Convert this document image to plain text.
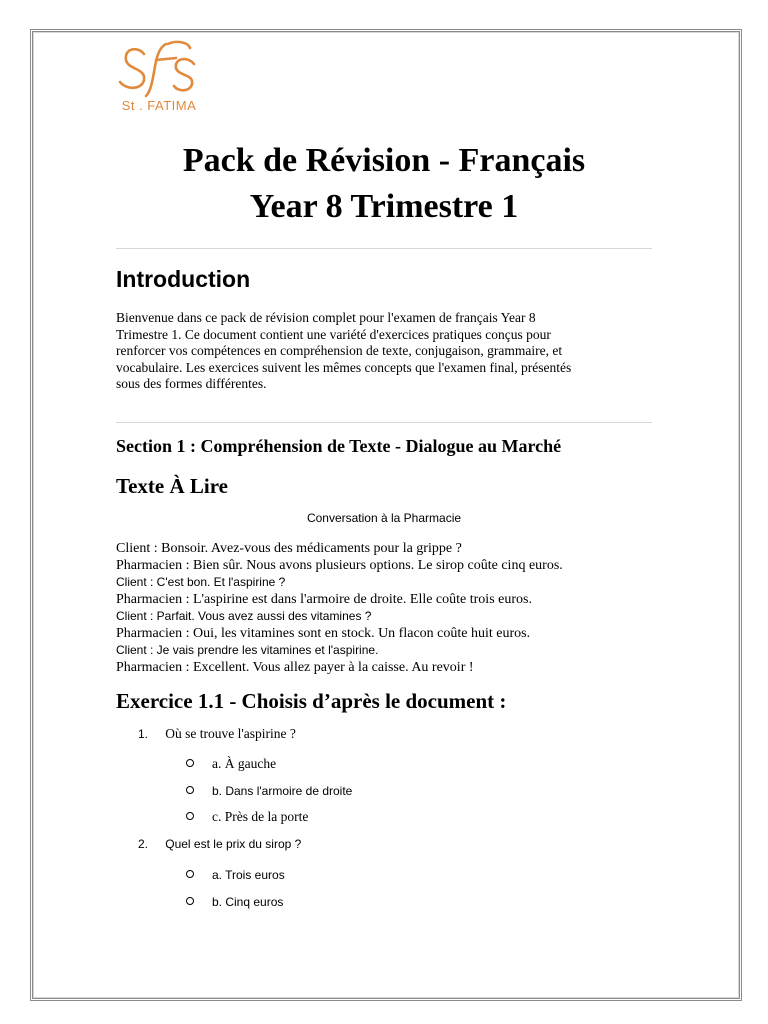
St . FATIMA
Pack de Révision - Français
Year 8 Trimestre 1
Introduction
Bienvenue dans ce pack de révision complet pour l'examen de français Year 8
Trimestre 1. Ce document contient une variété d'exercices pratiques conçus pour
renforcer vos compétences en compréhension de texte, conjugaison, grammaire, et
vocabulaire. Les exercices suivent les mêmes concepts que l'examen final, présentés
sous des formes différentes.
Section 1 : Compréhension de Texte - Dialogue au Marché
Texte À Lire
Conversation à la Pharmacie
Client : Bonsoir. Avez-vous des médicaments pour la grippe ?
Pharmacien : Bien sûr. Nous avons plusieurs options. Le sirop coûte cinq euros.
Client : C'est bon. Et l'aspirine ?
Pharmacien : L'aspirine est dans l'armoire de droite. Elle coûte trois euros.
Client : Parfait. Vous avez aussi des vitamines ?
Pharmacien : Oui, les vitamines sont en stock. Un flacon coûte huit euros.
Client : Je vais prendre les vitamines et l'aspirine.
Pharmacien : Excellent. Vous allez payer à la caisse. Au revoir !
Exercice 1.1 - Choisis d’après le document :
1. Où se trouve l'aspirine ?
a. À gauche
b. Dans l'armoire de droite
c. Près de la porte
2. Quel est le prix du sirop ?
a. Trois euros
b. Cinq euros
